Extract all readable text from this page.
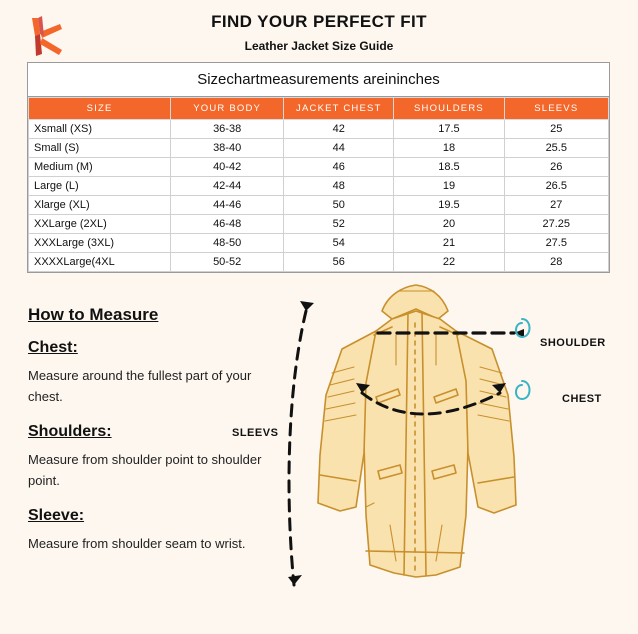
FIND YOUR PERFECT FIT
Leather Jacket Size Guide
Sizechartmeasurements areininches
SIZE	YOUR BODY	JACKET CHEST	SHOULDERS	SLEEVS
Xsmall (XS)	36-38	42	17.5	25
Small (S)	38-40	44	18	25.5
Medium (M)	40-42	46	18.5	26
Large (L)	42-44	48	19	26.5
Xlarge (XL)	44-46	50	19.5	27
XXLarge (2XL)	46-48	52	20	27.25
XXXLarge (3XL)	48-50	54	21	27.5
XXXXLarge(4XL	50-52	56	22	28
How to Measure
Chest:

Measure around the fullest part of your chest.

Shoulders:

Measure from shoulder point to shoulder point.

Sleeve:

Measure from shoulder seam to wrist.

SHOULDER
CHEST
SLEEVS
